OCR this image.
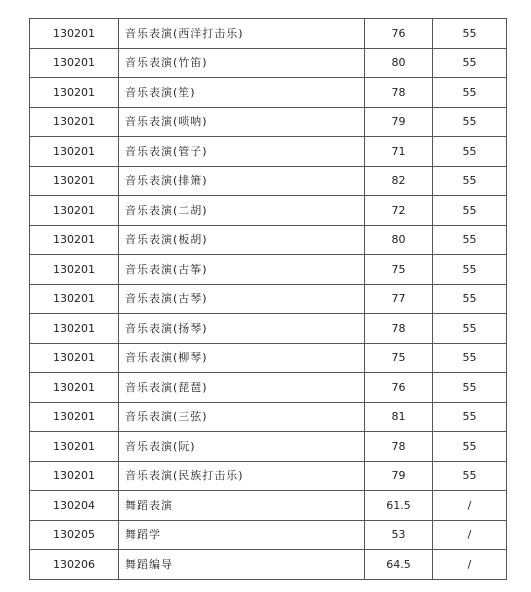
130201	音乐表演(西洋打击乐)	76	55
130201	音乐表演(竹笛)	80	55
130201	音乐表演(笙)	78	55
130201	音乐表演(唢呐)	79	55
130201	音乐表演(管子)	71	55
130201	音乐表演(排箫)	82	55
130201	音乐表演(二胡)	72	55
130201	音乐表演(板胡)	80	55
130201	音乐表演(古筝)	75	55
130201	音乐表演(古琴)	77	55
130201	音乐表演(扬琴)	78	55
130201	音乐表演(柳琴)	75	55
130201	音乐表演(琵琶)	76	55
130201	音乐表演(三弦)	81	55
130201	音乐表演(阮)	78	55
130201	音乐表演(民族打击乐)	79	55
130204	舞蹈表演	61.5	/
130205	舞蹈学	53	/
130206	舞蹈编导	64.5	/
